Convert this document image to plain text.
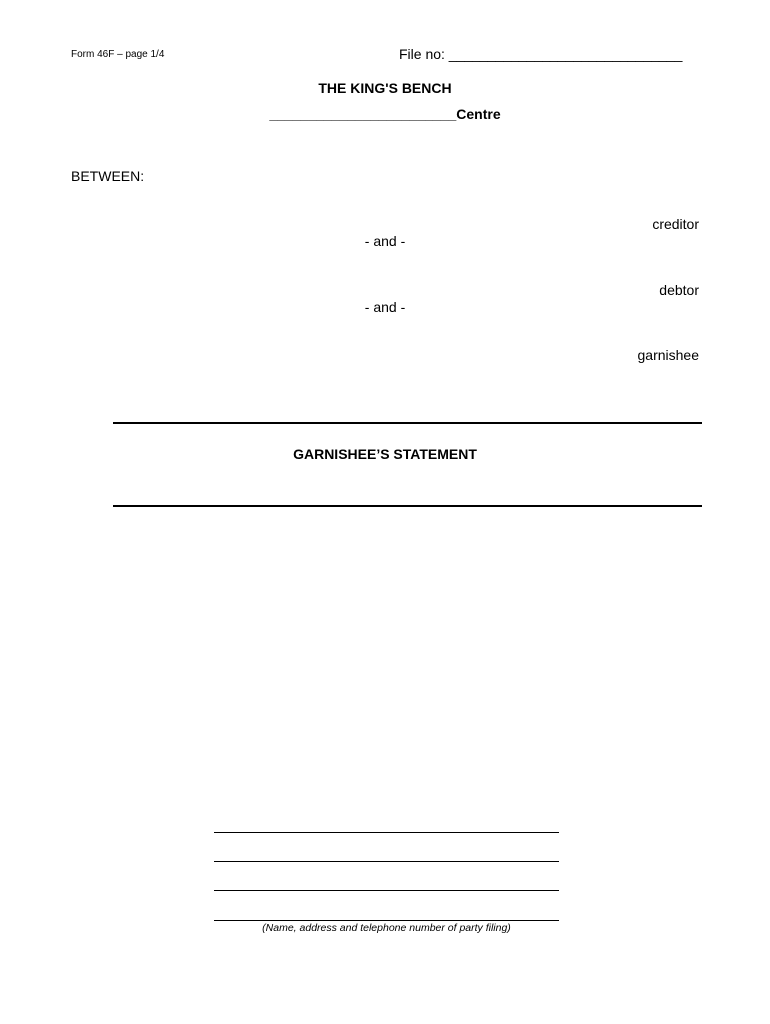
Form 46F – page 1/4	File no: ______________________________
THE KING'S BENCH
________________________Centre
BETWEEN:
creditor
- and -
debtor
- and -
garnishee
GARNISHEE’S STATEMENT
(Name, address and telephone number of party filing)
